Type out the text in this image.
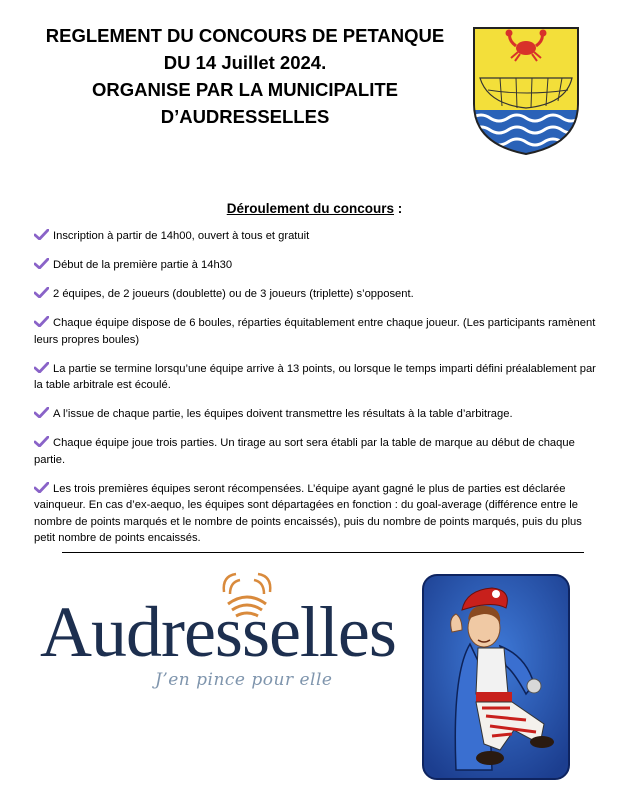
REGLEMENT DU CONCOURS DE PETANQUE
DU 14 Juillet 2024.
ORGANISE PAR LA MUNICIPALITE
D’AUDRESSELLES
Déroulement du concours :
Inscription à partir de 14h00, ouvert à tous et gratuit
Début de la première partie à 14h30
2 équipes, de 2 joueurs (doublette) ou de 3 joueurs (triplette) s’opposent.
Chaque équipe dispose de 6 boules, réparties équitablement entre chaque joueur. (Les participants ramènent leurs propres boules)
La partie se termine lorsqu’une équipe arrive à 13 points, ou lorsque le temps imparti défini préalablement par la table arbitrale est écoulé.
A l’issue de chaque partie, les équipes doivent transmettre les résultats à la table d’arbitrage.
Chaque équipe joue trois parties. Un tirage au sort sera établi par la table de marque au début de chaque partie.
Les trois premières équipes seront récompensées. L’équipe ayant gagné le plus de parties est déclarée vainqueur. En cas d’ex-aequo, les équipes sont départagées en fonction : du goal-average (différence entre le nombre de points marqués et le nombre de points encaissés), puis du nombre de points marqués, puis du plus petit nombre de points encaissés.
Audresselles
J’en pince pour elle
